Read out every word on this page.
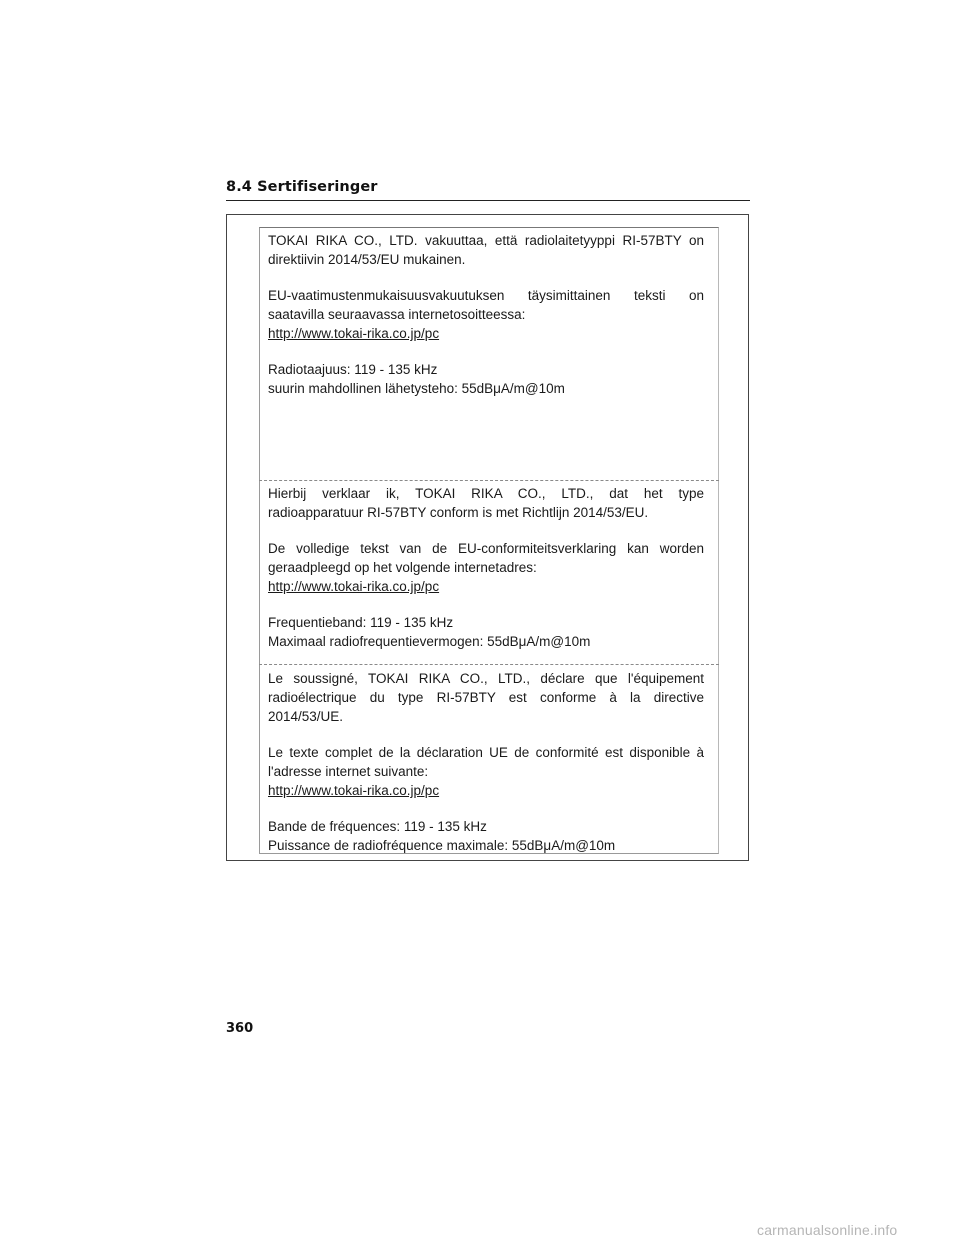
8.4 Sertifiseringer

TOKAI RIKA CO., LTD. vakuuttaa, että radiolaitetyyppi RI-57BTY on

direktiivin 2014/53/EU mukainen.

EU-vaatimustenmukaisuusvakuutuksen täysimittainen teksti on

saatavilla seuraavassa internetosoitteessa:

http://www.tokai-rika.co.jp/pc

Radiotaajuus: 119 - 135 kHz

suurin mahdollinen lähetysteho: 55dBμA/m@10m

Hierbij verklaar ik, TOKAI RIKA CO., LTD., dat het type

radioapparatuur RI-57BTY conform is met Richtlijn 2014/53/EU.

De volledige tekst van de EU-conformiteitsverklaring kan worden

geraadpleegd op het volgende internetadres:

http://www.tokai-rika.co.jp/pc

Frequentieband: 119 - 135 kHz

Maximaal radiofrequentievermogen: 55dBμA/m@10m

Le soussigné, TOKAI RIKA CO., LTD., déclare que l'équipement

radioélectrique du type RI-57BTY est conforme à la directive

2014/53/UE.

Le texte complet de la déclaration UE de conformité est disponible à

l'adresse internet suivante:

http://www.tokai-rika.co.jp/pc

Bande de fréquences: 119 - 135 kHz

Puissance de radiofréquence maximale: 55dBμA/m@10m

360
carmanualsonline.info
